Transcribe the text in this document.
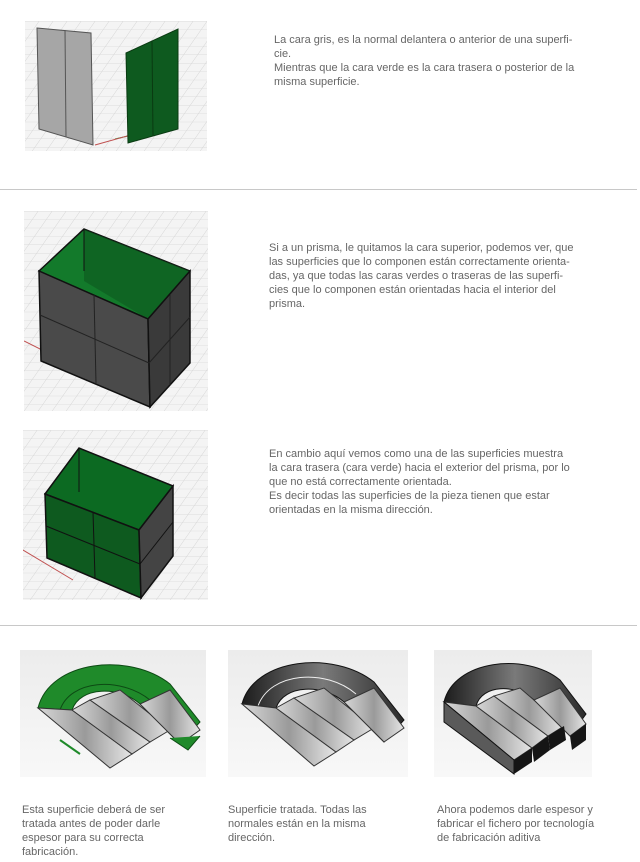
La cara gris, es la normal delantera o anterior de una superfi-
cie.
Mientras que la cara verde es la cara trasera o posterior de la
misma superficie.

Si a un prisma, le quitamos la cara superior, podemos ver, que
las superficies que lo componen están correctamente orienta-
das, ya que todas las caras verdes o traseras de las superfi-
cies que lo componen están orientadas hacia el interior del
prisma.

En cambio aquí vemos como una de las superficies muestra
la cara trasera (cara verde) hacia el exterior del prisma, por lo
que no está correctamente orientada.
Es decir todas las superficies de la pieza tienen que estar
orientadas en la misma dirección.

Esta superficie deberá de ser
tratada antes de poder darle
espesor para su correcta
fabricación.

Superficie tratada. Todas las
normales están en la misma
dirección.

Ahora podemos darle espesor y
fabricar el fichero por tecnología
de fabricación aditiva
